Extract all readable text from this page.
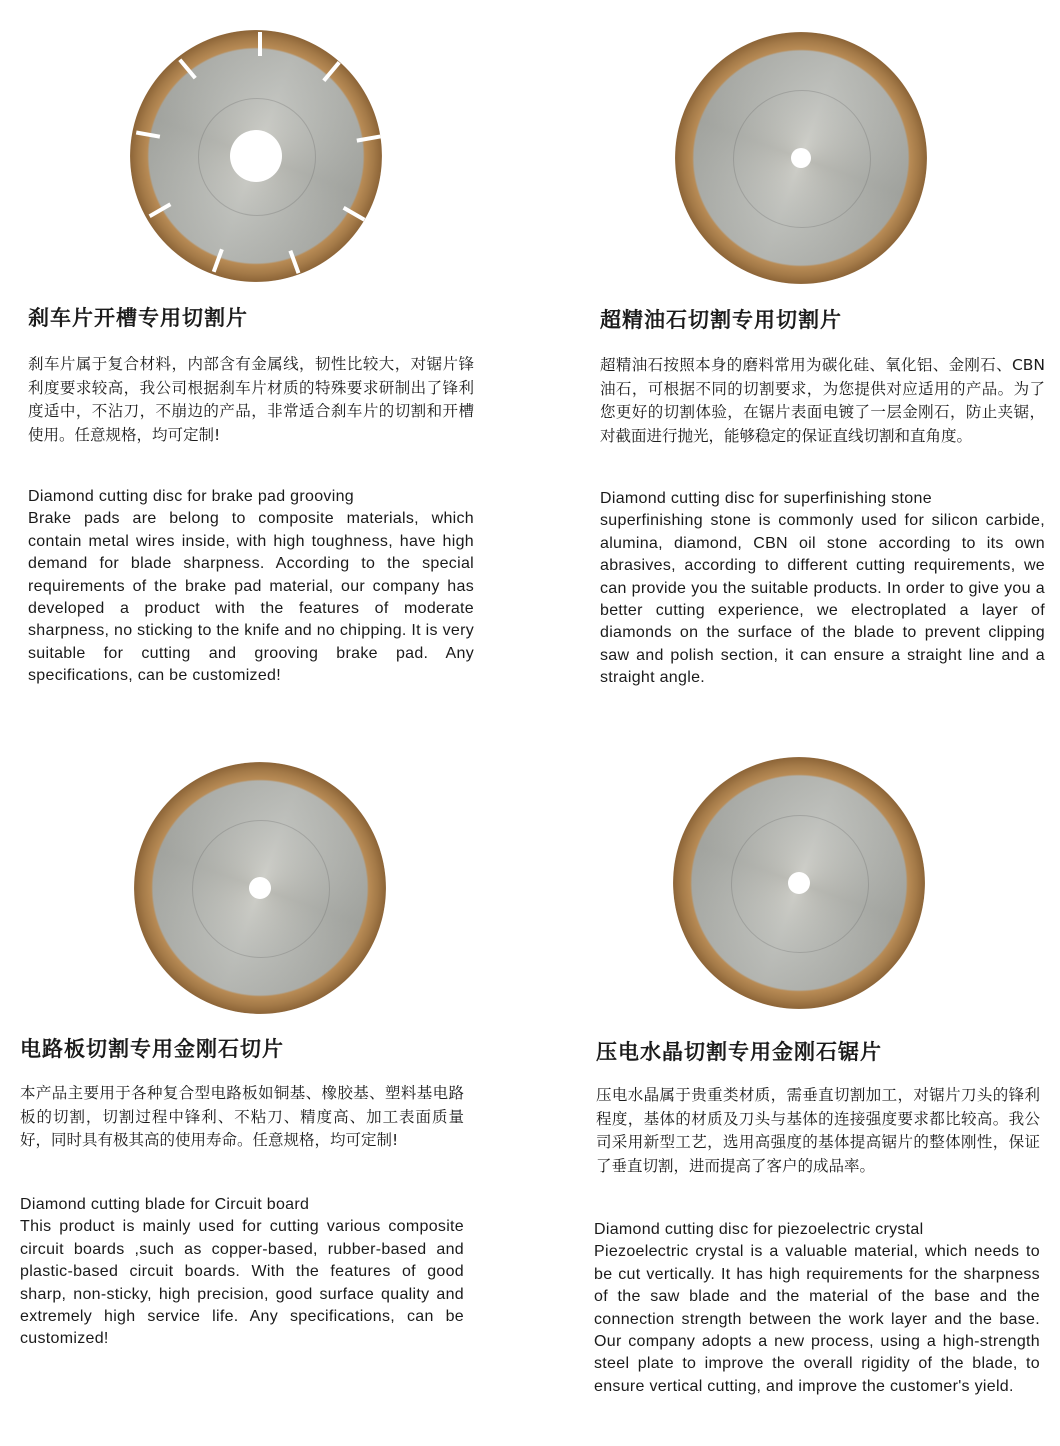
刹车片开槽专用切割片

刹车片属于复合材料，内部含有金属线，韧性比较大，对锯片锋利度要求较高，我公司根据刹车片材质的特殊要求研制出了锋利度适中，不沾刀，不崩边的产品，非常适合刹车片的切割和开槽使用。任意规格，均可定制!

Diamond cutting disc for brake pad grooving
Brake pads are belong to composite materials, which contain metal wires inside, with high toughness, have high demand for blade sharpness. According to the special requirements of the brake pad material, our company has developed a product with the features of moderate sharpness, no sticking to the knife and no chipping. It is very suitable for cutting and grooving brake pad. Any specifications, can be customized!

超精油石切割专用切割片

超精油石按照本身的磨料常用为碳化硅、氧化铝、金刚石、CBN油石，可根据不同的切割要求，为您提供对应适用的产品。为了您更好的切割体验，在锯片表面电镀了一层金刚石，防止夹锯，对截面进行抛光，能够稳定的保证直线切割和直角度。

Diamond cutting disc for superfinishing stone
superfinishing stone is commonly used for silicon carbide, alumina, diamond, CBN oil stone according to its own abrasives, according to different cutting requirements, we can provide you the suitable products. In order to give you a better cutting experience, we electroplated a layer of diamonds on the surface of the blade to prevent clipping saw and polish section, it can ensure a straight line and a straight angle.

电路板切割专用金刚石切片

本产品主要用于各种复合型电路板如铜基、橡胶基、塑料基电路板的切割，切割过程中锋利、不粘刀、精度高、加工表面质量好，同时具有极其高的使用寿命。任意规格，均可定制!

Diamond cutting blade for Circuit board
This product is mainly used for cutting various composite circuit boards ,such as copper-based, rubber-based and plastic-based circuit boards. With the features of good sharp, non-sticky, high precision, good surface quality and extremely high service life. Any specifications, can be customized!

压电水晶切割专用金刚石锯片

压电水晶属于贵重类材质，需垂直切割加工，对锯片刀头的锋利程度，基体的材质及刀头与基体的连接强度要求都比较高。我公司采用新型工艺，选用高强度的基体提高锯片的整体刚性，保证了垂直切割，进而提高了客户的成品率。

Diamond cutting disc for piezoelectric crystal
Piezoelectric crystal is a valuable material, which needs to be cut vertically. It has high requirements for the sharpness of the saw blade and the material of the base and the connection strength between the work layer and the base. Our company adopts a new process, using a high-strength steel plate to improve the overall rigidity of the blade, to ensure vertical cutting, and improve the customer's yield.
